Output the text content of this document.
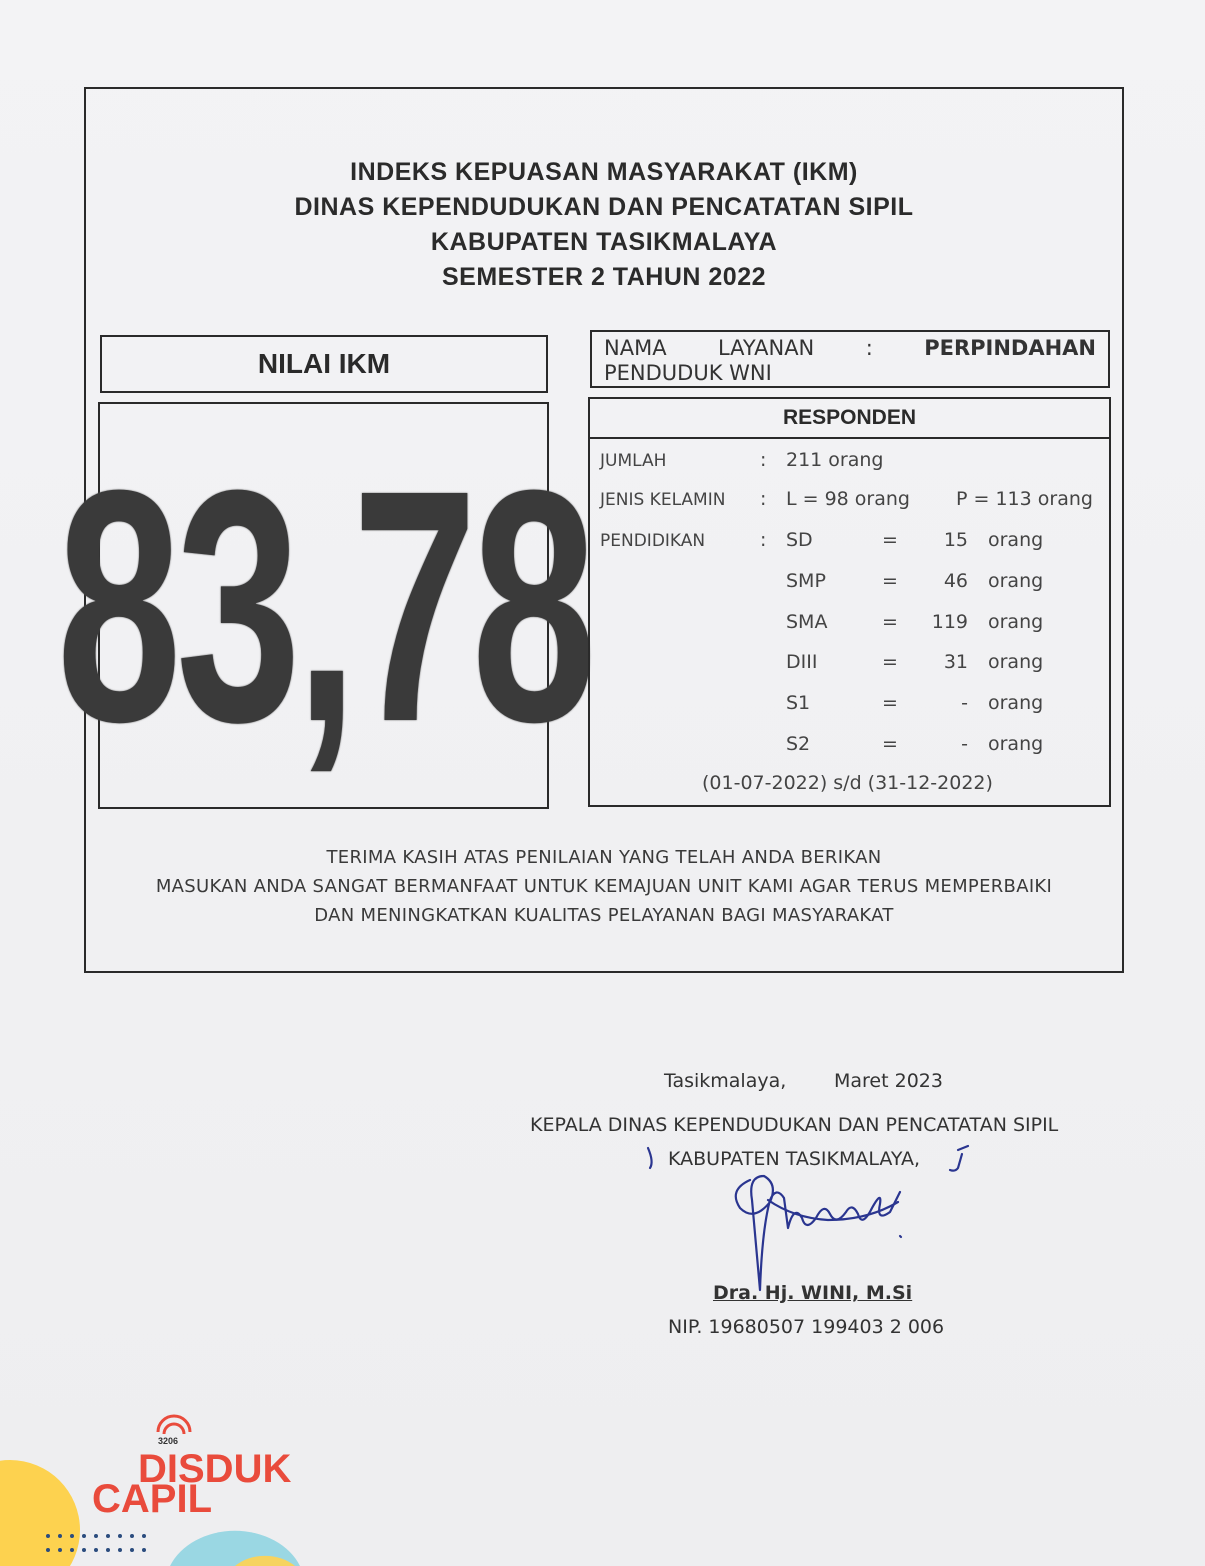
INDEKS KEPUASAN MASYARAKAT (IKM)
DINAS KEPENDUDUKAN DAN PENCATATAN SIPIL
KABUPATEN TASIKMALAYA
SEMESTER 2 TAHUN 2022
NILAI IKM
83,78
NAMA LAYANAN : PERPINDAHAN
PENDUDUK WNI
RESPONDEN
JUMLAH	: 211 orang
JENIS KELAMIN : L = 98 orang P = 113 orang
PENDIDIKAN	: SD	=	15 orang
SMP	=	46 orang
SMA	=	119 orang
DIII	=	31 orang
S1	=	- orang
S2	=	- orang
(01-07-2022) s/d (31-12-2022)
TERIMA KASIH ATAS PENILAIAN YANG TELAH ANDA BERIKAN
MASUKAN ANDA SANGAT BERMANFAAT UNTUK KEMAJUAN UNIT KAMI AGAR TERUS MEMPERBAIKI
DAN MENINGKATKAN KUALITAS PELAYANAN BAGI MASYARAKAT
Tasikmalaya,	Maret 2023
KEPALA DINAS KEPENDUDUKAN DAN PENCATATAN SIPIL
KABUPATEN TASIKMALAYA,
Dra. Hj. WINI, M.Si
NIP. 19680507 199403 2 006
3206
DISDUK
CAPIL
